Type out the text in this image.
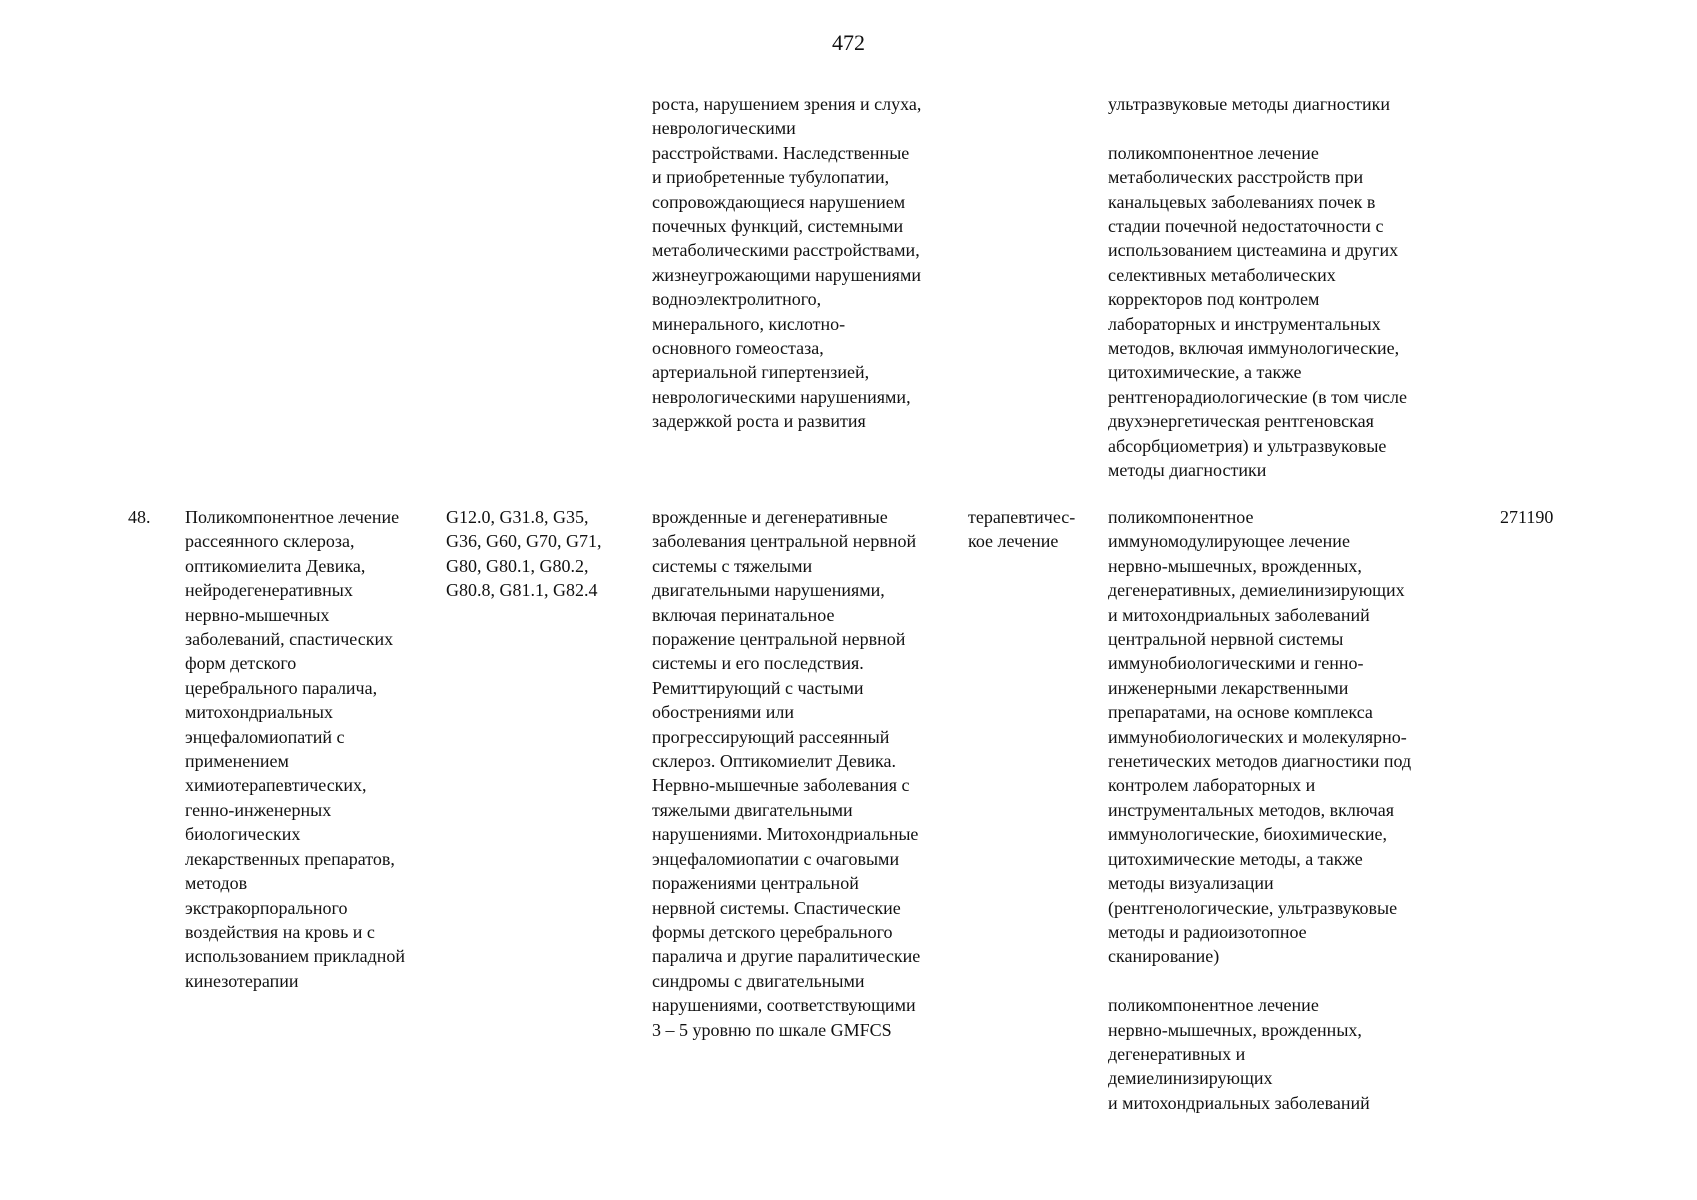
472
роста, нарушением зрения и слуха,
неврологическими
расстройствами. Наследственные
и приобретенные тубулопатии,
сопровождающиеся нарушением
почечных функций, системными
метаболическими расстройствами,
жизнеугрожающими нарушениями
водноэлектролитного,
минерального, кислотно-
основного гомеостаза,
артериальной гипертензией,
неврологическими нарушениями,
задержкой роста и развития
ультразвуковые методы диагностики

поликомпонентное лечение
метаболических расстройств при
канальцевых заболеваниях почек в
стадии почечной недостаточности с
использованием цистеамина и других
селективных метаболических
корректоров под контролем
лабораторных и инструментальных
методов, включая иммунологические,
цитохимические, а также
рентгенорадиологические (в том числе
двухэнергетическая рентгеновская
абсорбциометрия) и ультразвуковые
методы диагностики
48.	Поликомпонентное лечение
рассеянного склероза,
оптикомиелита Девика,
нейродегенеративных
нервно-мышечных
заболеваний, спастических
форм детского
церебрального паралича,
митохондриальных
энцефаломиопатий с
применением
химиотерапевтических,
генно-инженерных
биологических
лекарственных препаратов,
методов
экстракорпорального
воздействия на кровь и с
использованием прикладной
кинезотерапии
G12.0, G31.8, G35,
G36, G60, G70, G71,
G80, G80.1, G80.2,
G80.8, G81.1, G82.4
врожденные и дегенеративные
заболевания центральной нервной
системы с тяжелыми
двигательными нарушениями,
включая перинатальное
поражение центральной нервной
системы и его последствия.
Ремиттирующий с частыми
обострениями или
прогрессирующий рассеянный
склероз. Оптикомиелит Девика.
Нервно-мышечные заболевания с
тяжелыми двигательными
нарушениями. Митохондриальные
энцефаломиопатии с очаговыми
поражениями центральной
нервной системы. Спастические
формы детского церебрального
паралича и другие паралитические
синдромы с двигательными
нарушениями, соответствующими
3 – 5 уровню по шкале GMFCS
терапевтичес-
кое лечение
поликомпонентное
иммуномодулирующее лечение
нервно-мышечных, врожденных,
дегенеративных, демиелинизирующих
и митохондриальных заболеваний
центральной нервной системы
иммунобиологическими и генно-
инженерными лекарственными
препаратами, на основе комплекса
иммунобиологических и молекулярно-
генетических методов диагностики под
контролем лабораторных и
инструментальных методов, включая
иммунологические, биохимические,
цитохимические методы, а также
методы визуализации
(рентгенологические, ультразвуковые
методы и радиоизотопное
сканирование)

поликомпонентное лечение
нервно-мышечных, врожденных,
дегенеративных и
демиелинизирующих
и митохондриальных заболеваний
271190
